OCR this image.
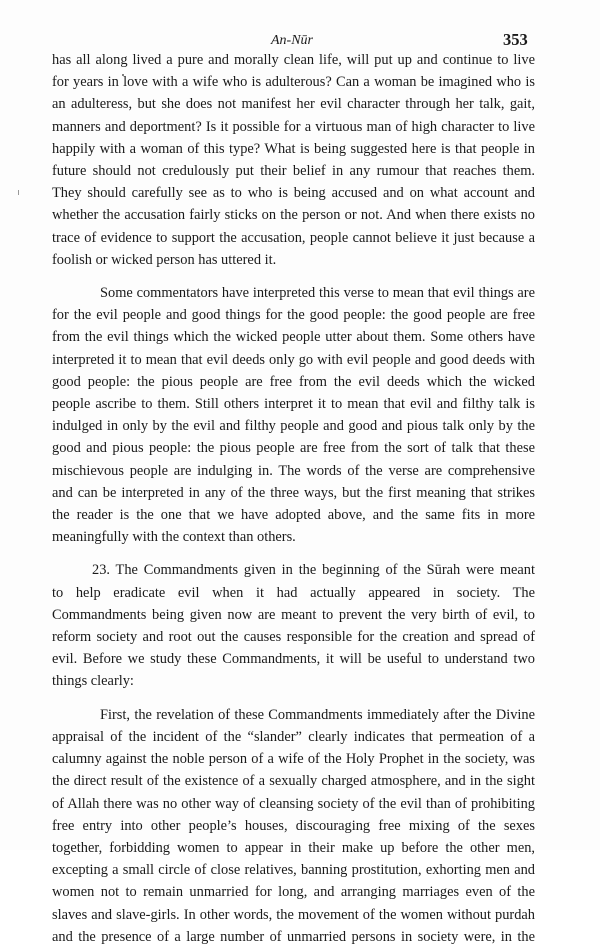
An-Nūr	353

has all along lived a pure and morally clean life, will put up and continue to live
for years in love with a wife who is adulterous? Can a woman be imagined who is
an adulteress, but she does not manifest her evil character through her talk, gait,
manners and deportment? Is it possible for a virtuous man of high character to live
happily with a woman of this type? What is being suggested here is that people in
future should not credulously put their belief in any rumour that reaches them.
They should carefully see as to who is being accused and on what account and
whether the accusation fairly sticks on the person or not. And when there exists no
trace of evidence to support the accusation, people cannot believe it just because a
foolish or wicked person has uttered it.

Some commentators have interpreted this verse to mean that evil things are
for the evil people and good things for the good people: the good people are free
from the evil things which the wicked people utter about them. Some others have
interpreted it to mean that evil deeds only go with evil people and good deeds with
good people: the pious people are free from the evil deeds which the wicked
people ascribe to them. Still others interpret it to mean that evil and filthy talk is
indulged in only by the evil and filthy people and good and pious talk only by the
good and pious people: the pious people are free from the sort of talk that these
mischievous people are indulging in. The words of the verse are comprehensive
and can be interpreted in any of the three ways, but the first meaning that strikes
the reader is the one that we have adopted above, and the same fits in more
meaningfully with the context than others.

23. The Commandments given in the beginning of the Sūrah were meant
to help eradicate evil when it had actually appeared in society. The
Commandments being given now are meant to prevent the very birth of evil, to
reform society and root out the causes responsible for the creation and spread of
evil. Before we study these Commandments, it will be useful to understand two
things clearly:

First, the revelation of these Commandments immediately after the Divine
appraisal of the incident of the “slander” clearly indicates that permeation of a
calumny against the noble person of a wife of the Holy Prophet in the society, was
the direct result of the existence of a sexually charged atmosphere, and in the sight
of Allah there was no other way of cleansing society of the evil than of prohibiting
free entry into other people’s houses, discouraging free mixing of the sexes
together, forbidding women to appear in their make up before the other men,
excepting a small circle of close relatives, banning prostitution, exhorting men and
women not to remain unmarried for long, and arranging marriages even of the
slaves and slave-girls. In other words, the movement of the women without purdah
and the presence of a large number of unmarried persons in society were, in the
